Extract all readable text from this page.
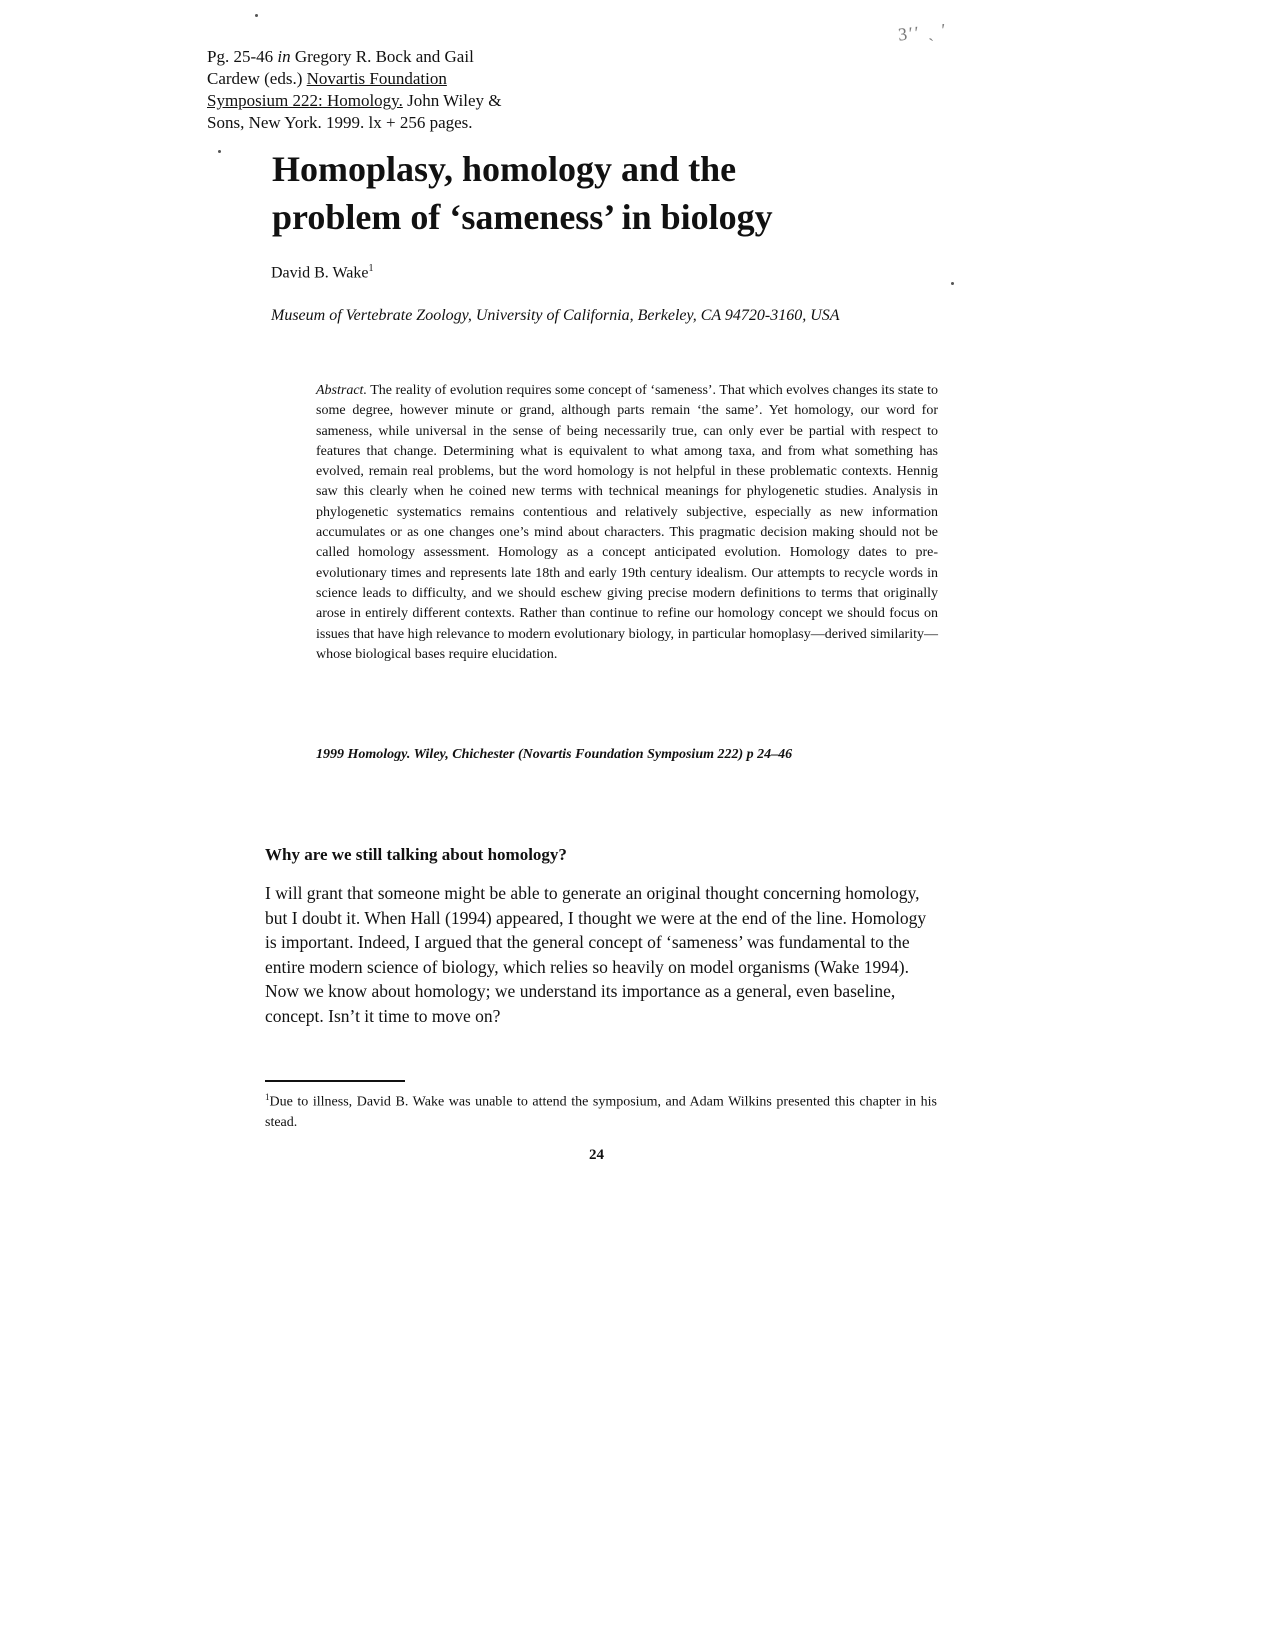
Pg. 25-46 in Gregory R. Bock and Gail
Cardew (eds.) Novartis Foundation
Symposium 222: Homology. John Wiley &
Sons, New York. 1999. lx + 256 pages.
3ʹʹ ˏ ʹ
Homoplasy, homology and the
problem of ‘sameness’ in biology
David B. Wake$^1$
Museum of Vertebrate Zoology, University of California, Berkeley, CA 94720-3160, USA
Abstract. The reality of evolution requires some concept of ‘sameness’. That which evolves changes its state to some degree, however minute or grand, although parts remain ‘the same’. Yet homology, our word for sameness, while universal in the sense of being necessarily true, can only ever be partial with respect to features that change. Determining what is equivalent to what among taxa, and from what something has evolved, remain real problems, but the word homology is not helpful in these problematic contexts. Hennig saw this clearly when he coined new terms with technical meanings for phylogenetic studies. Analysis in phylogenetic systematics remains contentious and relatively subjective, especially as new information accumulates or as one changes one’s mind about characters. This pragmatic decision making should not be called homology assessment. Homology as a concept anticipated evolution. Homology dates to pre-evolutionary times and represents late 18th and early 19th century idealism. Our attempts to recycle words in science leads to difficulty, and we should eschew giving precise modern definitions to terms that originally arose in entirely different contexts. Rather than continue to refine our homology concept we should focus on issues that have high relevance to modern evolutionary biology, in particular homoplasy—derived similarity—whose biological bases require elucidation.
1999 Homology. Wiley, Chichester (Novartis Foundation Symposium 222) p 24–46
Why are we still talking about homology?

I will grant that someone might be able to generate an original thought concerning homology, but I doubt it. When Hall (1994) appeared, I thought we were at the end of the line. Homology is important. Indeed, I argued that the general concept of ‘sameness’ was fundamental to the entire modern science of biology, which relies so heavily on model organisms (Wake 1994). Now we know about homology; we understand its importance as a general, even baseline, concept. Isn’t it time to move on?

$^1$Due to illness, David B. Wake was unable to attend the symposium, and Adam Wilkins presented this chapter in his stead.
24
